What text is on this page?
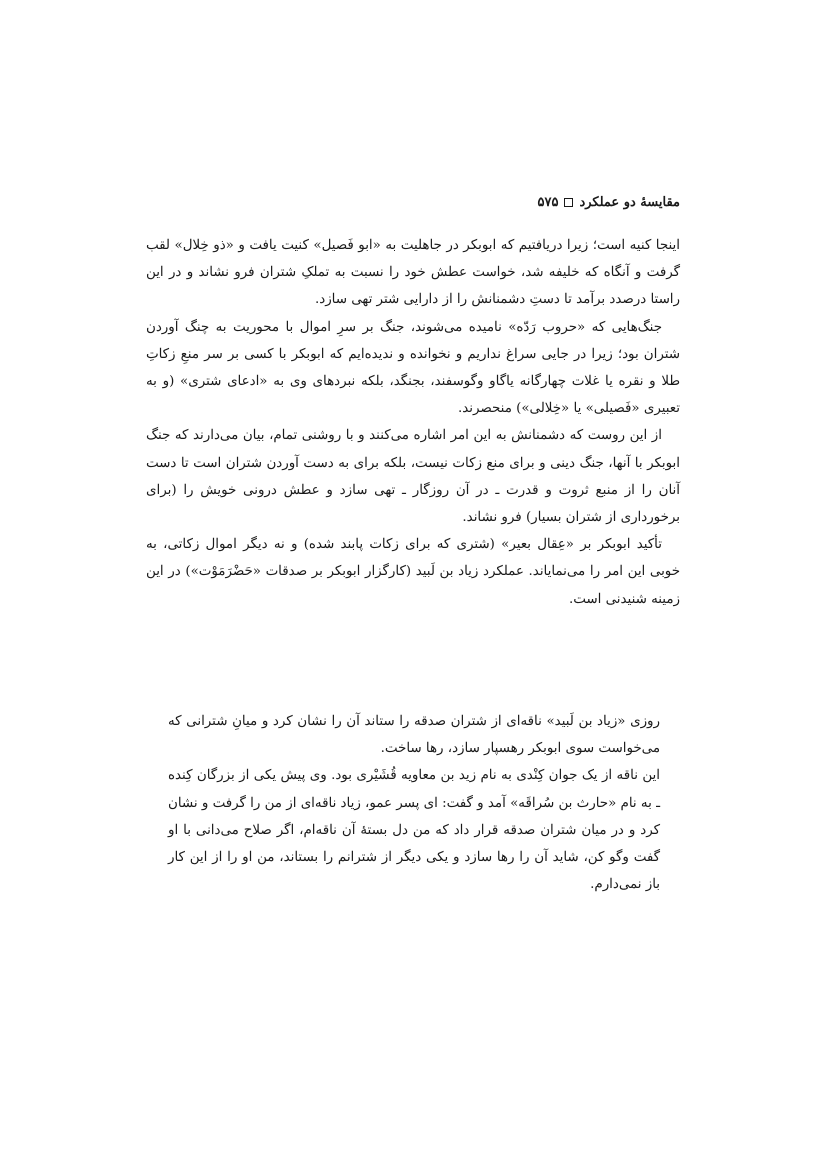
مقایسهٔ دو عملکرد
۵۷۵

اینجا کنیه است؛ زیرا دریافتیم که ابوبکر در جاهلیت به «ابو فَصیل» کنیت یافت و «ذو خِلال» لقب گرفت و آنگاه که خلیفه شد، خواست عطش خود را نسبت به تملکِ شتران فرو نشاند و در این راستا درصدد برآمد تا دستِ دشمنانش را از دارایی شتر تهی سازد.

جنگ‌هایی که «حروب رَدّه» نامیده می‌شوند، جنگ بر سرِ اموال با محوریت به چنگ آوردن شتران بود؛ زیرا در جایی سراغ نداریم و نخوانده و ندیده‌ایم که ابوبکر با کسی بر سر منعِ زکاتِ طلا و نقره یا غلات چهارگانه یاگاو وگوسفند، بجنگد، بلکه نبردهای وی به «ادعای شتری» (و به تعبیری «فَصیلی» یا «خِلالی») منحصرند.

از این روست که دشمنانش به این امر اشاره می‌کنند و با روشنی تمام، بیان می‌دارند که جنگ ابوبکر با آنها، جنگ دینی و برای منع زکات نیست، بلکه برای به دست آوردن شتران است تا دست آنان را از منبع ثروت و قدرت ـ در آن روزگار ـ تهی سازد و عطش درونی خویش را (برای برخورداری از شتران بسیار) فرو نشاند.

تأکید ابوبکر بر «عِقال بعیر» (شتری که برای زکات پابند شده) و نه دیگر اموال زکاتی، به خوبی این امر را می‌نمایاند. عملکرد زیاد بن لَبید (کارگزار ابوبکر بر صدقات «حَضْرَمَوْت») در این زمینه شنیدنی است.

روزی «زیاد بن لَبید» ناقه‌ای از شتران صدقه را ستاند آن را نشان کرد و میانِ شترانی که می‌خواست سوی ابوبکر رهسپار سازد، رها ساخت.

این ناقه از یک جوان کِنْدی به نام زید بن معاویه قُشَیْری بود. وی پیش یکی از بزرگان کِنده ـ به نام «حارث بن سُراقَه» آمد و گفت: ای پسر عمو، زیاد ناقه‌ای از من را گرفت و نشان کرد و در میان شتران صدقه قرار داد که من دل بستهٔ آن ناقه‌ام، اگر صلاح می‌دانی با او گفت وگو کن، شاید آن را رها سازد و یکی دیگر از شترانم را بستاند، من او را از این کار باز نمی‌دارم.
